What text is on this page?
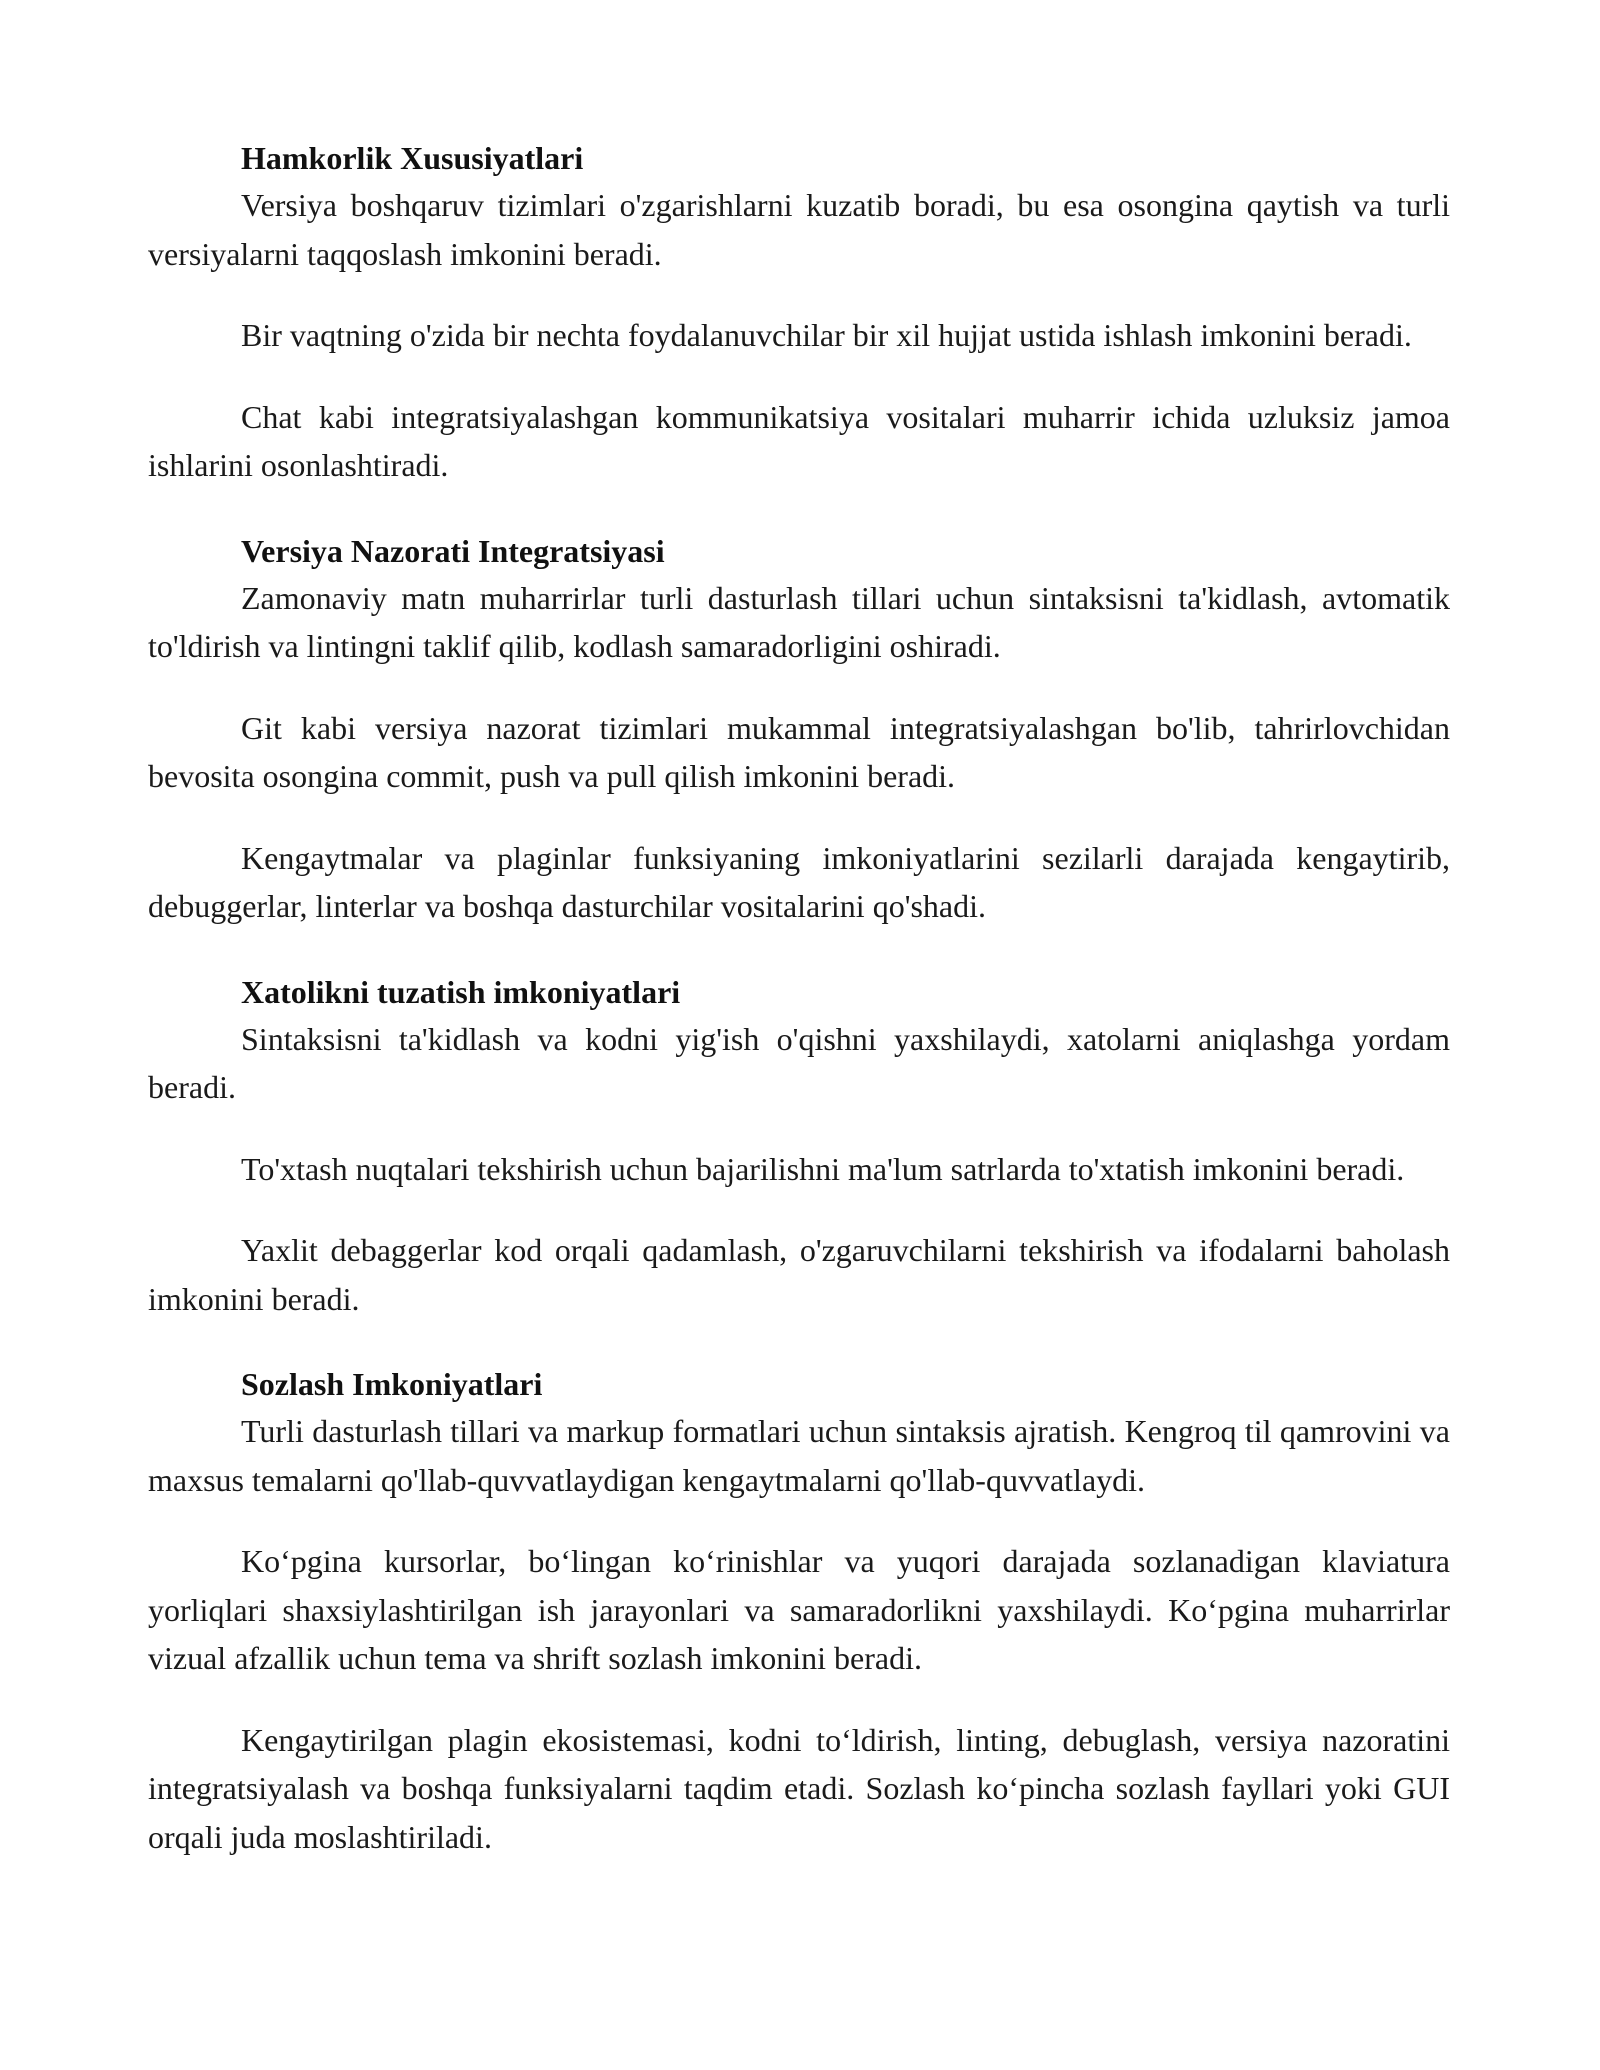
Hamkorlik Xususiyatlari

Versiya boshqaruv tizimlari o'zgarishlarni kuzatib boradi, bu esa osongina qaytish va turli versiyalarni taqqoslash imkonini beradi.

Bir vaqtning o'zida bir nechta foydalanuvchilar bir xil hujjat ustida ishlash imkonini beradi.

Chat kabi integratsiyalashgan kommunikatsiya vositalari muharrir ichida uzluksiz jamoa ishlarini osonlashtiradi.

Versiya Nazorati Integratsiyasi

Zamonaviy matn muharrirlar turli dasturlash tillari uchun sintaksisni ta'kidlash, avtomatik to'ldirish va lintingni taklif qilib, kodlash samaradorligini oshiradi.

Git kabi versiya nazorat tizimlari mukammal integratsiyalashgan bo'lib, tahrirlovchidan bevosita osongina commit, push va pull qilish imkonini beradi.

Kengaytmalar va plaginlar funksiyaning imkoniyatlarini sezilarli darajada kengaytirib, debuggerlar, linterlar va boshqa dasturchilar vositalarini qo'shadi.

Xatolikni tuzatish imkoniyatlari

Sintaksisni ta'kidlash va kodni yig'ish o'qishni yaxshilaydi, xatolarni aniqlashga yordam beradi.

To'xtash nuqtalari tekshirish uchun bajarilishni ma'lum satrlarda to'xtatish imkonini beradi.

Yaxlit debaggerlar kod orqali qadamlash, o'zgaruvchilarni tekshirish va ifodalarni baholash imkonini beradi.

Sozlash Imkoniyatlari

Turli dasturlash tillari va markup formatlari uchun sintaksis ajratish. Kengroq til qamrovini va maxsus temalarni qo'llab-quvvatlaydigan kengaytmalarni qo'llab-quvvatlaydi.

Ko‘pgina kursorlar, bo‘lingan ko‘rinishlar va yuqori darajada sozlanadigan klaviatura yorliqlari shaxsiylashtirilgan ish jarayonlari va samaradorlikni yaxshilaydi. Ko‘pgina muharrirlar vizual afzallik uchun tema va shrift sozlash imkonini beradi.

Kengaytirilgan plagin ekosistemasi, kodni to‘ldirish, linting, debuglash, versiya nazoratini integratsiyalash va boshqa funksiyalarni taqdim etadi. Sozlash ko‘pincha sozlash fayllari yoki GUI orqali juda moslashtiriladi.
